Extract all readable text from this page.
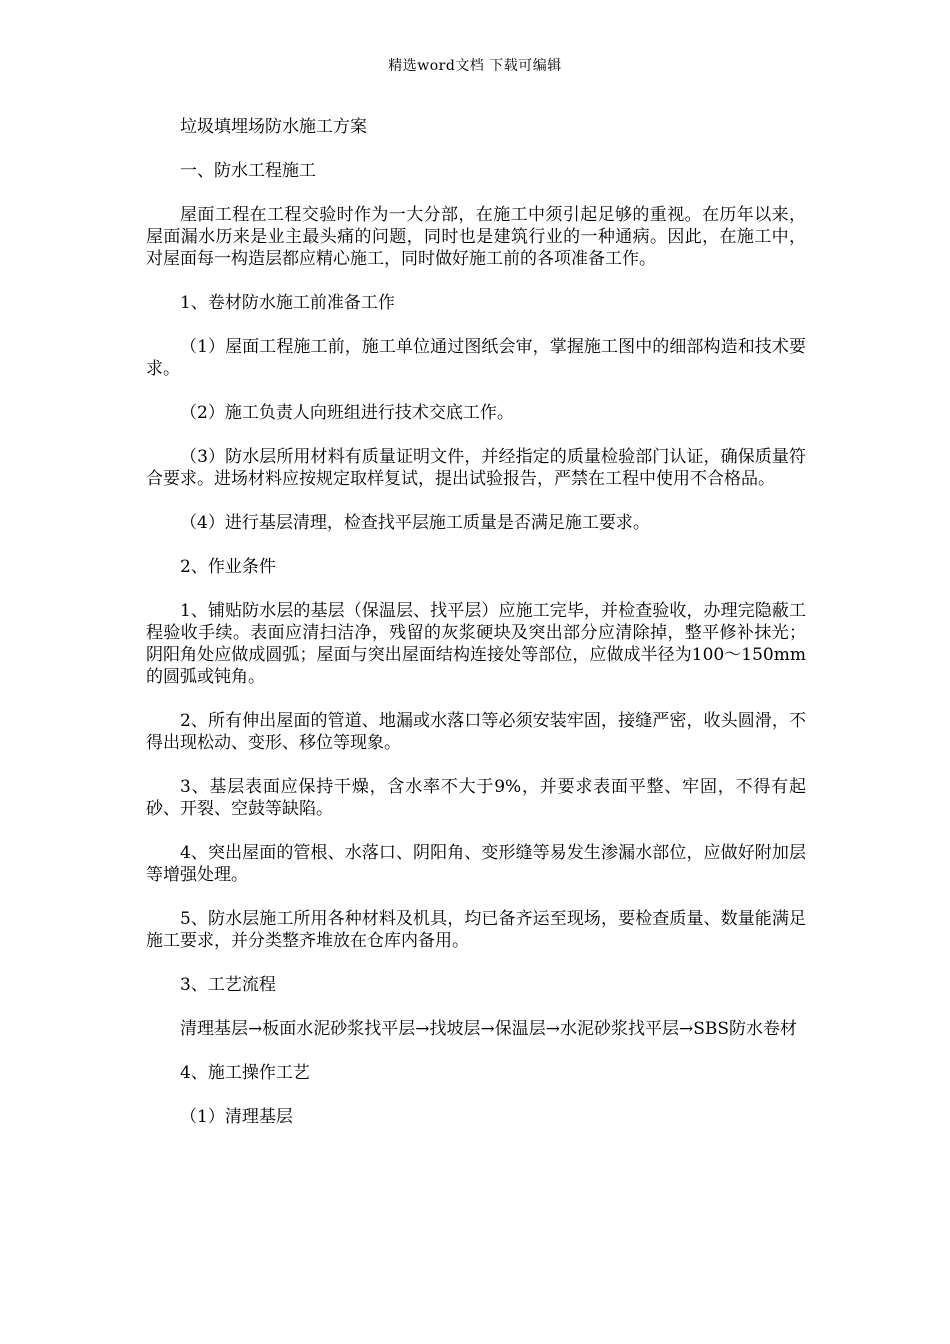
精选word文档 下载可编辑

垃圾填埋场防水施工方案

一、防水工程施工

屋面工程在工程交验时作为一大分部，在施工中须引起足够的重视。在历年以来，屋面漏水历来是业主最头痛的问题，同时也是建筑行业的一种通病。因此，在施工中，对屋面每一构造层都应精心施工，同时做好施工前的各项准备工作。

1、卷材防水施工前准备工作

（1）屋面工程施工前，施工单位通过图纸会审，掌握施工图中的细部构造和技术要求。

（2）施工负责人向班组进行技术交底工作。

（3）防水层所用材料有质量证明文件，并经指定的质量检验部门认证，确保质量符合要求。进场材料应按规定取样复试，提出试验报告，严禁在工程中使用不合格品。

（4）进行基层清理，检查找平层施工质量是否满足施工要求。

2、作业条件

1、铺贴防水层的基层（保温层、找平层）应施工完毕，并检查验收，办理完隐蔽工程验收手续。表面应清扫洁净，残留的灰浆硬块及突出部分应清除掉，整平修补抹光；阴阳角处应做成圆弧；屋面与突出屋面结构连接处等部位，应做成半径为100～150mm的圆弧或钝角。

2、所有伸出屋面的管道、地漏或水落口等必须安装牢固，接缝严密，收头圆滑，不得出现松动、变形、移位等现象。

3、基层表面应保持干燥，含水率不大于9%，并要求表面平整、牢固，不得有起砂、开裂、空鼓等缺陷。

4、突出屋面的管根、水落口、阴阳角、变形缝等易发生渗漏水部位，应做好附加层等增强处理。

5、防水层施工所用各种材料及机具，均已备齐运至现场，要检查质量、数量能满足施工要求，并分类整齐堆放在仓库内备用。

3、工艺流程

清理基层→板面水泥砂浆找平层→找坡层→保温层→水泥砂浆找平层→SBS防水卷材

4、施工操作工艺

（1）清理基层
